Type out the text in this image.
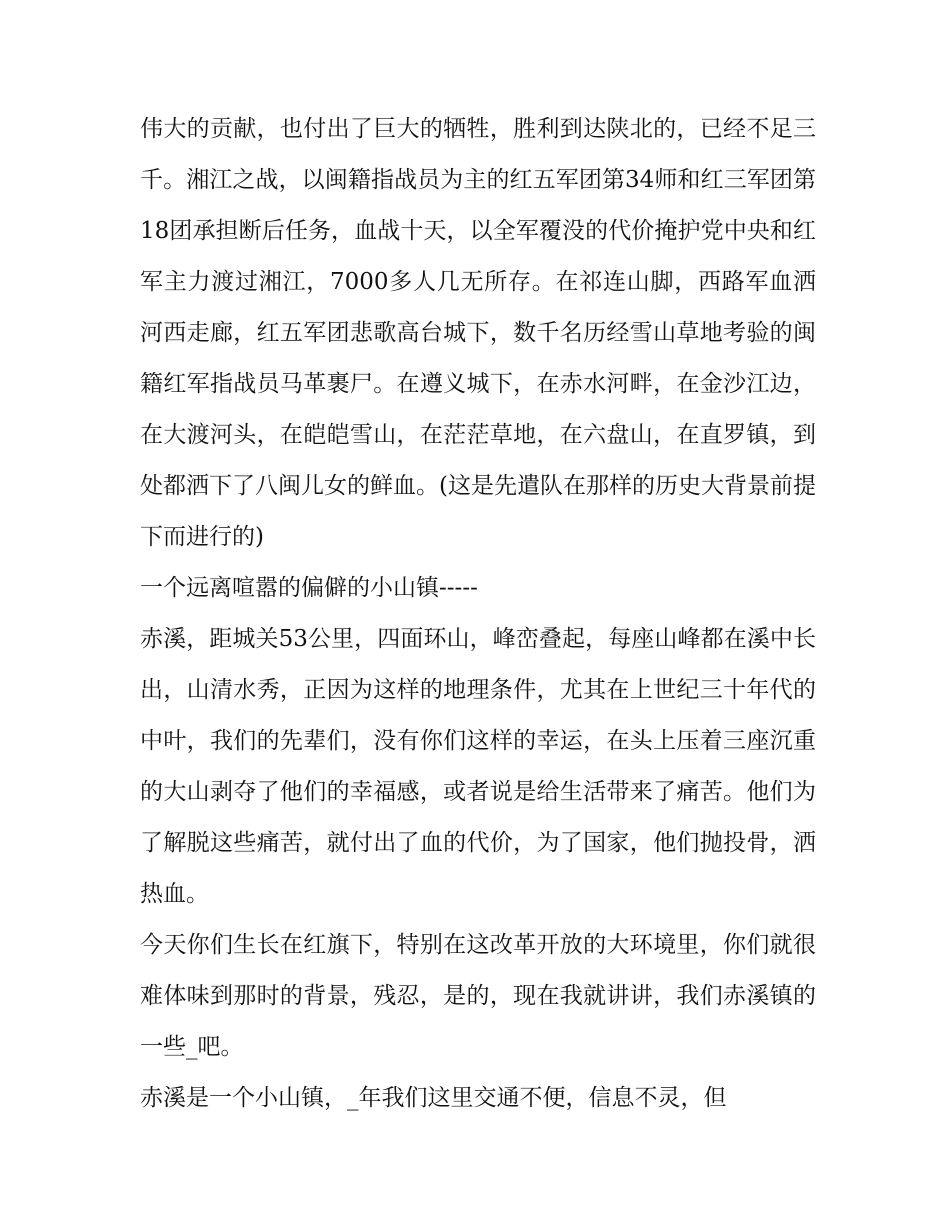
伟大的贡献，也付出了巨大的牺牲，胜利到达陕北的，已经不足三千。湘江之战，以闽籍指战员为主的红五军团第34师和红三军团第18团承担断后任务，血战十天，以全军覆没的代价掩护党中央和红军主力渡过湘江，7000多人几无所存。在祁连山脚，西路军血洒河西走廊，红五军团悲歌高台城下，数千名历经雪山草地考验的闽籍红军指战员马革裹尸。在遵义城下，在赤水河畔，在金沙江边，在大渡河头，在皑皑雪山，在茫茫草地，在六盘山，在直罗镇，到处都洒下了八闽儿女的鲜血。(这是先遣队在那样的历史大背景前提下而进行的)

一个远离喧嚣的偏僻的小山镇-----

赤溪，距城关53公里，四面环山，峰峦叠起，每座山峰都在溪中长出，山清水秀，正因为这样的地理条件，尤其在上世纪三十年代的中叶，我们的先辈们，没有你们这样的幸运，在头上压着三座沉重的大山剥夺了他们的幸福感，或者说是给生活带来了痛苦。他们为了解脱这些痛苦，就付出了血的代价，为了国家，他们抛投骨，洒热血。

今天你们生长在红旗下，特别在这改革开放的大环境里，你们就很难体味到那时的背景，残忍，是的，现在我就讲讲，我们赤溪镇的一些_吧。

赤溪是一个小山镇，_年我们这里交通不便，信息不灵，但
